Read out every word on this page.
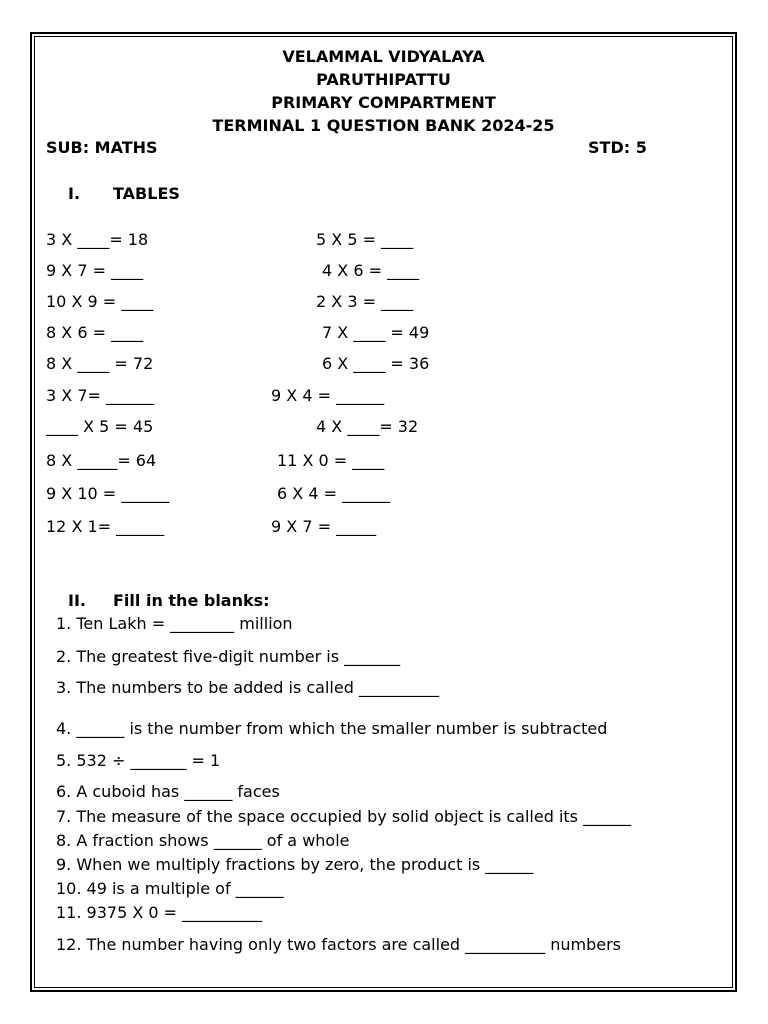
VELAMMAL VIDYALAYA
PARUTHIPATTU
PRIMARY COMPARTMENT
TERMINAL 1 QUESTION BANK 2024-25
SUB: MATHS	STD: 5
I. TABLES
3 X ____= 18
9 X 7 = ____
10 X 9 = ____
8 X 6 = ____
8 X ____ = 72
3 X 7= ______
____ X 5 = 45
8 X _____= 64
9 X 10 = ______
12 X 1= ______
5 X 5 = ____
4 X 6 = ____
2 X 3 = ____
7 X ____ = 49
6 X ____ = 36
9 X 4 = ______
4 X ____= 32
11 X 0 = ____
6 X 4 = ______
9 X 7 = _____
II. Fill in the blanks:
1. Ten Lakh = ________ million
2. The greatest five-digit number is _______
3. The numbers to be added is called __________
4. ______ is the number from which the smaller number is subtracted
5. 532 ÷ _______ = 1
6. A cuboid has ______ faces
7. The measure of the space occupied by solid object is called its ______
8. A fraction shows ______ of a whole
9. When we multiply fractions by zero, the product is ______
10. 49 is a multiple of ______
11. 9375 X 0 = __________
12. The number having only two factors are called __________ numbers
